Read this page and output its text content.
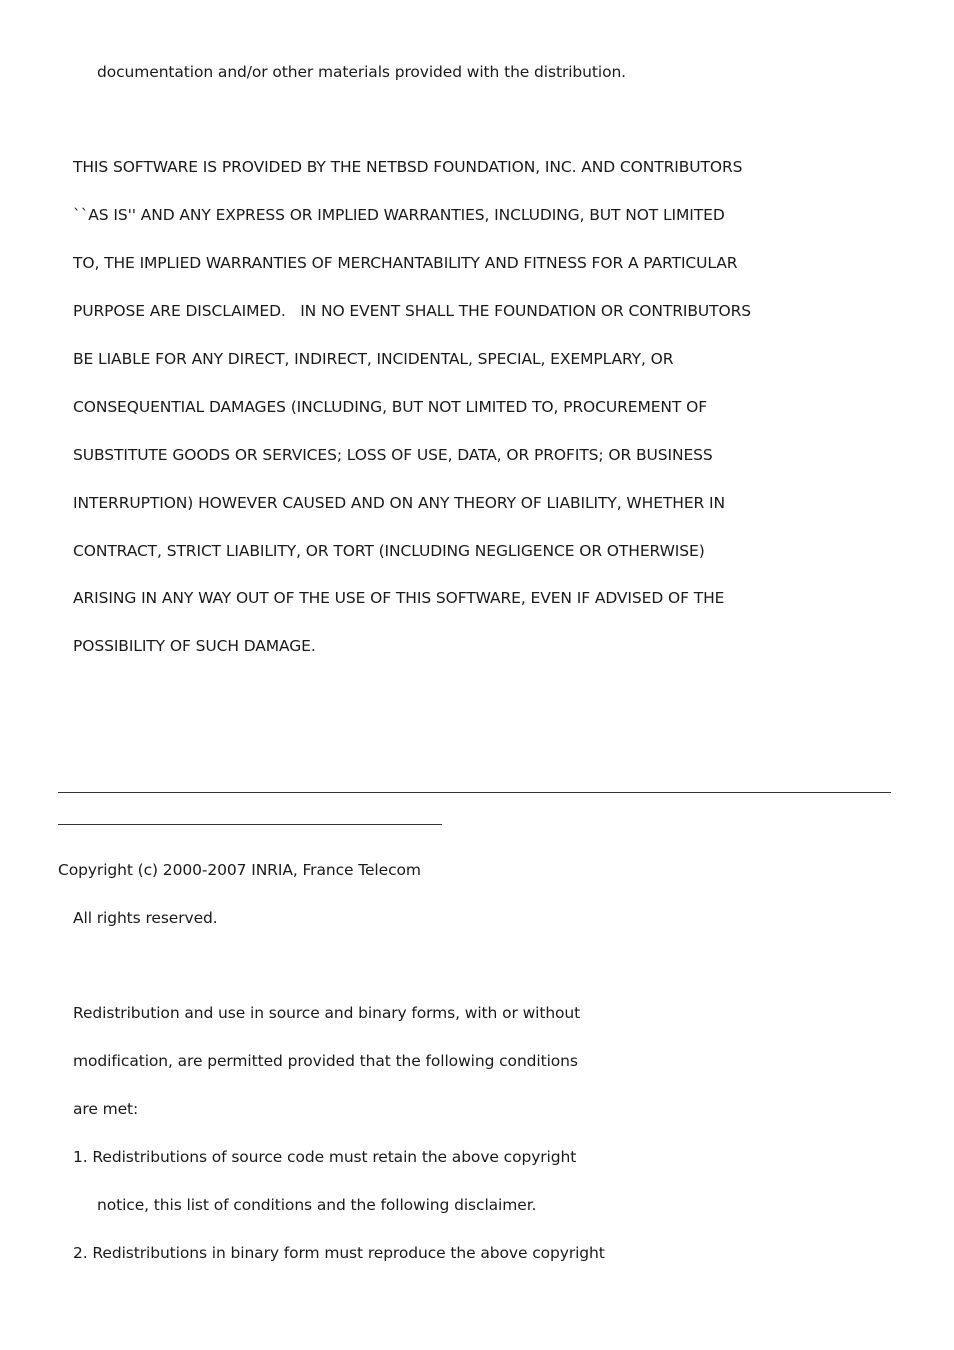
documentation and/or other materials provided with the distribution.
THIS SOFTWARE IS PROVIDED BY THE NETBSD FOUNDATION, INC. AND CONTRIBUTORS
``AS IS'' AND ANY EXPRESS OR IMPLIED WARRANTIES, INCLUDING, BUT NOT LIMITED
TO, THE IMPLIED WARRANTIES OF MERCHANTABILITY AND FITNESS FOR A PARTICULAR
PURPOSE ARE DISCLAIMED.   IN NO EVENT SHALL THE FOUNDATION OR CONTRIBUTORS
BE LIABLE FOR ANY DIRECT, INDIRECT, INCIDENTAL, SPECIAL, EXEMPLARY, OR
CONSEQUENTIAL DAMAGES (INCLUDING, BUT NOT LIMITED TO, PROCUREMENT OF
SUBSTITUTE GOODS OR SERVICES; LOSS OF USE, DATA, OR PROFITS; OR BUSINESS
INTERRUPTION) HOWEVER CAUSED AND ON ANY THEORY OF LIABILITY, WHETHER IN
CONTRACT, STRICT LIABILITY, OR TORT (INCLUDING NEGLIGENCE OR OTHERWISE)
ARISING IN ANY WAY OUT OF THE USE OF THIS SOFTWARE, EVEN IF ADVISED OF THE
POSSIBILITY OF SUCH DAMAGE.
Copyright (c) 2000-2007 INRIA, France Telecom
All rights reserved.
Redistribution and use in source and binary forms, with or without
modification, are permitted provided that the following conditions
are met:
1. Redistributions of source code must retain the above copyright
notice, this list of conditions and the following disclaimer.
2. Redistributions in binary form must reproduce the above copyright
